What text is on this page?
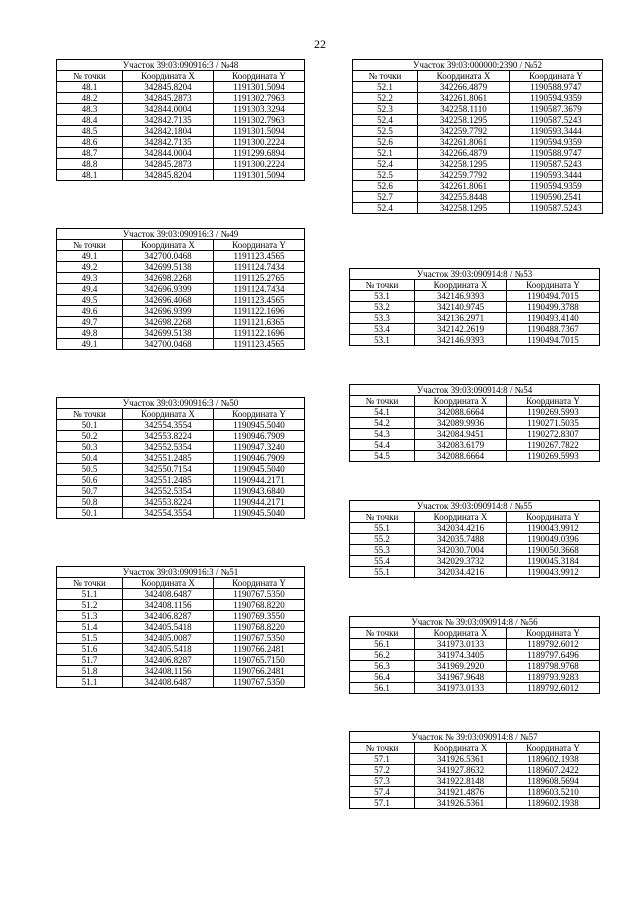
22
Участок 39:03:090916:3 / №48		
№ точки	Координата X	Координата Y
48.1	342845.8204	1191301.5094
48.2	342845.2873	1191302.7963
48.3	342844.0004	1191303.3294
48.4	342842.7135	1191302.7963
48.5	342842.1804	1191301.5094
48.6	342842.7135	1191300.2224
48.7	342844.0004	1191299.6894
48.8	342845.2873	1191300.2224
48.1	342845.8204	1191301.5094
Участок 39:03:090916:3 / №49		
№ точки	Координата X	Координата Y
49.1	342700.0468	1191123.4565
49.2	342699.5138	1191124.7434
49.3	342698.2268	1191125.2765
49.4	342696.9399	1191124.7434
49.5	342696.4068	1191123.4565
49.6	342696.9399	1191122.1696
49.7	342698.2268	1191121.6365
49.8	342699.5138	1191122.1696
49.1	342700.0468	1191123.4565
Участок 39:03:090916:3 / №50		
№ точки	Координата X	Координата Y
50.1	342554.3554	1190945.5040
50.2	342553.8224	1190946.7909
50.3	342552.5354	1190947.3240
50.4	342551.2485	1190946.7909
50.5	342550.7154	1190945.5040
50.6	342551.2485	1190944.2171
50.7	342552.5354	1190943.6840
50.8	342553.8224	1190944.2171
50.1	342554.3554	1190945.5040
Участок 39:03:090916:3 / №51		
№ точки	Координата X	Координата Y
51.1	342408.6487	1190767.5350
51.2	342408.1156	1190768.8220
51.3	342406.8287	1190769.3550
51.4	342405.5418	1190768.8220
51.5	342405.0087	1190767.5350
51.6	342405.5418	1190766.2481
51.7	342406.8287	1190765.7150
51.8	342408.1156	1190766.2481
51.1	342408.6487	1190767.5350
Участок 39:03:000000:2390 / №52		
№ точки	Координата X	Координата Y
52.1	342266.4879	1190588.9747
52.2	342261.8061	1190594.9359
52.3	342258.1110	1190587.3679
52.4	342258.1295	1190587.5243
52.5	342259.7792	1190593.3444
52.6	342261.8061	1190594.9359
52.1	342266.4879	1190588.9747
52.4	342258.1295	1190587.5243
52.5	342259.7792	1190593.3444
52.6	342261.8061	1190594.9359
52.7	342255.8448	1190590.2541
52.4	342258.1295	1190587.5243
Участок 39:03:090914:8 / №53		
№ точки	Координата X	Координата Y
53.1	342146.9393	1190494.7015
53.2	342140.9745	1190499.3788
53.3	342136.2971	1190493.4140
53.4	342142.2619	1190488.7367
53.1	342146.9393	1190494.7015
Участок 39:03:090914:8 / №54		
№ точки	Координата X	Координата Y
54.1	342088.6664	1190269.5993
54.2	342089.9936	1190271.5035
54.3	342084.9451	1190272.8307
54.4	342083.6179	1190267.7822
54.5	342088.6664	1190269.5993
Участок 39:03:090914:8 / №55		
№ точки	Координата X	Координата Y
55.1	342034.4216	1190043.9912
55.2	342035.7488	1190049.0396
55.3	342030.7004	1190050.3668
55.4	342029.3732	1190045.3184
55.1	342034.4216	1190043.9912
Участок № 39:03:090914:8 / №56		
№ точки	Координата X	Координата Y
56.1	341973.0133	1189792.6012
56.2	341974.3405	1189797.6496
56.3	341969.2920	1189798.9768
56.4	341967.9648	1189793.9283
56.1	341973.0133	1189792.6012
Участок № 39:03:090914:8 / №57		
№ точки	Координата X	Координата Y
57.1	341926.5361	1189602.1938
57.2	341927.8632	1189607.2422
57.3	341922.8148	1189608.5694
57.4	341921.4876	1189603.5210
57.1	341926.5361	1189602.1938
